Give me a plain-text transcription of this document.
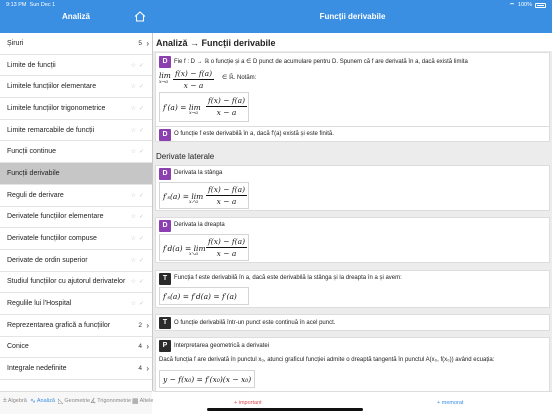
9:13 PM Sun Dec 1	100%
Analiză	Funcții derivabile
Șiruri	5 ›
Limite de funcții	☆✓
Limitele funcțiilor elementare	☆✓
Limitele funcțiilor trigonometrice	☆✓
Limite remarcabile de funcții	☆✓
Funcții continue	☆✓
Funcții derivabile	☆✓
Reguli de derivare	☆✓
Derivatele funcțiilor elementare	☆✓
Derivatele funcțiilor compuse	☆✓
Derivate de ordin superior	☆✓
Studiul funcțiilor cu ajutorul derivatelor ☆✓
Regulile lui l'Hospital	☆✓
Reprezentarea grafică a funcțiilor	2 ›
Conice	4 ›
Integrale nedefinite	4 ›
± Algebră ∿ Analiză ◺ Geometrie ∡ Trigonometrie ▦ Altele
Analiză → Funcții derivabile
D	Fie f : D → ℝ o funcție și a ∈ D punct de acumulare pentru D. Spunem că f are derivată în a, dacă există limita
lim
$x\to a \frac{f(x) - f(a)}{x - a}$ ∈ ℝ̄. Notăm:
f′(a) = lim
$x\to a \frac{f(x) - f(a)}{x - a}$
D	O funcție f este derivabilă în a, dacă f′(a) există și este finită.
Derivate laterale
D	Derivata la stânga
f′ₛ(a) = lim
x↗a $\frac{f(x) - f(a)}{x - a}$
D	Derivata la dreapta
f′d(a) = lim
x↘a $\frac{f(x) - f(a)}{x - a}$
T	Funcția f este derivabilă în a, dacă este derivabilă la stânga și la dreapta în a și avem:
f′ₛ(a) = f′d(a) = f′(a)
T	O funcție derivabilă într-un punct este continuă în acel punct.
P	Interpretarea geometrică a derivatei
Dacă funcția f are derivată în punctul x₀, atunci graficul funcției admite o dreaptă tangentă în punctul A(x₀, f(x₀)) având ecuația:
y − f(x₀) = f′(x₀)(x − x₀)
+ important	+ memorat
